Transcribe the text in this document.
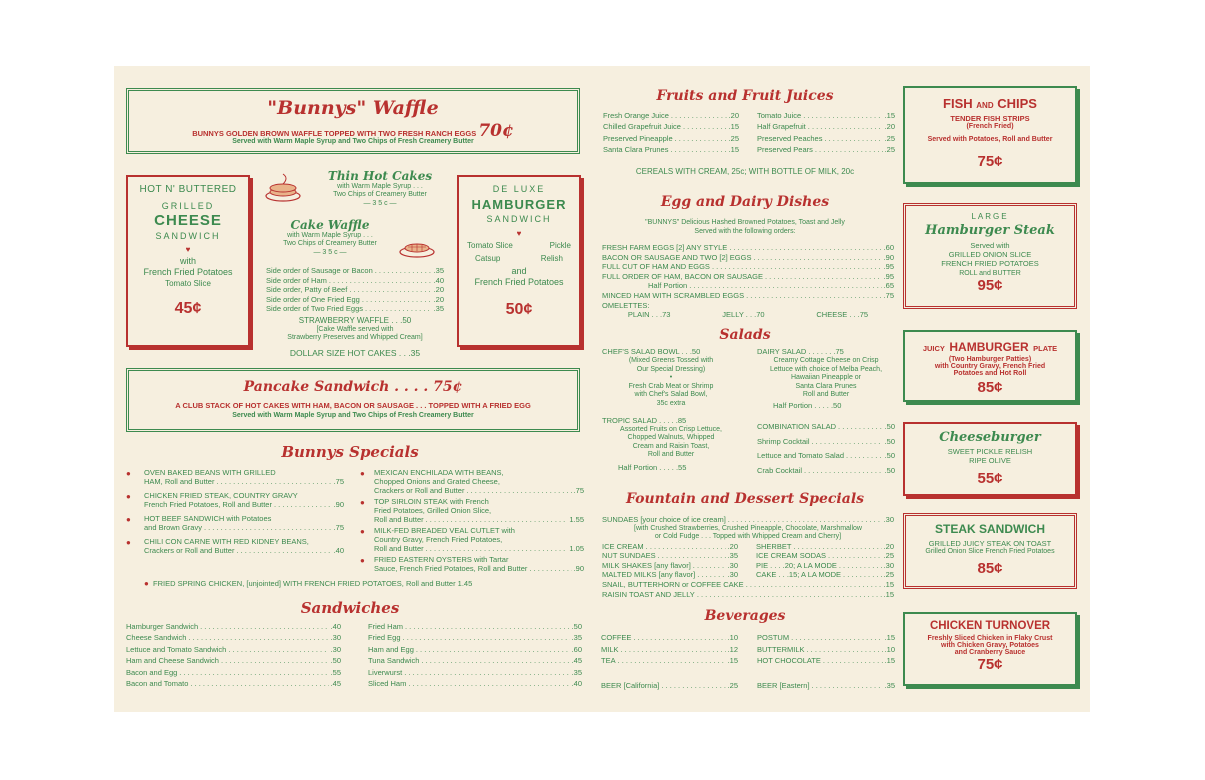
"Bunnys" Waffle
BUNNYS GOLDEN BROWN WAFFLE TOPPED WITH TWO FRESH RANCH EGGS 70¢
Served with Warm Maple Syrup and Two Chips of Fresh Creamery Butter
HOT N' BUTTERED
GRILLED
CHEESE
SANDWICH
♥
with
French Fried Potatoes
Tomato Slice
45¢
Thin Hot Cakes
with Warm Maple Syrup . . .
Two Chips of Creamery Butter
— 3 5 c —
Cake Waffle
with Warm Maple Syrup . . .
Two Chips of Creamery Butter
— 3 5 c —
Side order of Sausage or Bacon . . .	.35
Side order of Ham . . .	.40
Side order, Patty of Beef . . .	.20
Side order of One Fried Egg . . .	.20
Side order of Two Fried Eggs . . .	.35
STRAWBERRY WAFFLE . . .50
[Cake Waffle served with
Strawberry Preserves and Whipped Cream]
DOLLAR SIZE HOT CAKES . . .35
DE LUXE
HAMBURGER
SANDWICH
♥
Tomato Slice	Pickle
Catsup	Relish
and
French Fried Potatoes
50¢
Pancake Sandwich . . . . 75¢
A CLUB STACK OF HOT CAKES WITH HAM, BACON OR SAUSAGE . . . TOPPED WITH A FRIED EGG
Served with Warm Maple Syrup and Two Chips of Fresh Creamery Butter
Bunnys Specials
● OVEN BAKED BEANS WITH GRILLED
HAM, Roll and Butter . . .	.75
● CHICKEN FRIED STEAK, COUNTRY GRAVY
French Fried Potatoes, Roll and Butter . . .	.90
● HOT BEEF SANDWICH with Potatoes
and Brown Gravy . . .	.75
● CHILI CON CARNE WITH RED KIDNEY BEANS,
Crackers or Roll and Butter . . .	.40
● MEXICAN ENCHILADA WITH BEANS,
Chopped Onions and Grated Cheese,
Crackers or Roll and Butter . . .	.75
● TOP SIRLOIN STEAK with French
Fried Potatoes, Grilled Onion Slice,
Roll and Butter . . .	1.55
● MILK-FED BREADED VEAL CUTLET with
Country Gravy, French Fried Potatoes,
Roll and Butter . . .	1.05
● FRIED EASTERN OYSTERS with Tartar
Sauce, French Fried Potatoes, Roll and Butter . . .	.90
● FRIED SPRING CHICKEN, [unjointed] WITH FRENCH FRIED POTATOES, Roll and Butter 1.45
Sandwiches
Hamburger Sandwich . . .	.40
Cheese Sandwich . . .	.30
Lettuce and Tomato Sandwich . . .	.30
Ham and Cheese Sandwich . . .	.50
Bacon and Egg . . .	.55
Bacon and Tomato . . .	.45
Fried Ham . . .	.50
Fried Egg . . .	.35
Ham and Egg . . .	.60
Tuna Sandwich . . .	.45
Liverwurst . . .	.35
Sliced Ham . . .	.40
Fruits and Fruit Juices
Fresh Orange Juice . . .	.20
Chilled Grapefruit Juice . . .	.15
Preserved Pineapple . . .	.25
Santa Clara Prunes . . .	.15
Tomato Juice . . .	.15
Half Grapefruit . . .	.20
Preserved Peaches . . .	.25
Preserved Pears . . .	.25
CEREALS WITH CREAM, 25c; WITH BOTTLE OF MILK, 20c
Egg and Dairy Dishes
"BUNNYS" Delicious Hashed Browned Potatoes, Toast and Jelly
Served with the following orders:
FRESH FARM EGGS [2] ANY STYLE . . .	.60
BACON OR SAUSAGE AND TWO [2] EGGS . . .	.90
FULL CUT OF HAM AND EGGS . . .	.95
FULL ORDER OF HAM, BACON OR SAUSAGE . . .	.95
Half Portion . . .	.65
MINCED HAM WITH SCRAMBLED EGGS . . .	.75
OMELETTES:
PLAIN . . .73	JELLY . . .70	CHEESE . . .75
Salads
CHEF'S SALAD BOWL . . .50
(Mixed Greens Tossed with
Our Special Dressing)
•
Fresh Crab Meat or Shrimp
with Chef's Salad Bowl,
35c extra
TROPIC SALAD . . . . .85
Assorted Fruits on Crisp Lettuce,
Chopped Walnuts, Whipped
Cream and Raisin Toast,
Roll and Butter
Half Portion . . . . .55
DAIRY SALAD . . . . . . .75
Creamy Cottage Cheese on Crisp
Lettuce with choice of Melba Peach,
Hawaiian Pineapple or
Santa Clara Prunes
Roll and Butter
Half Portion . . . . .50
COMBINATION SALAD . . .	.50
Shrimp Cocktail . . .	.50
Lettuce and Tomato Salad . . .	.50
Crab Cocktail . . .	.50
Fountain and Dessert Specials
SUNDAES [your choice of ice cream] . . .	.30
[with Crushed Strawberries, Crushed Pineapple, Chocolate, Marshmallow
or Cold Fudge . . . Topped with Whipped Cream and Cherry]
ICE CREAM . . .	.20
NUT SUNDAES . . .	.35
MILK SHAKES [any flavor] . . .	.30
MALTED MILKS [any flavor] . . .	.30
SHERBET . . .	.20
ICE CREAM SODAS . . .	.25
PIE . . . .20; A LA MODE . . .	.30
CAKE . . .15; A LA MODE . . .	.25
SNAIL, BUTTERHORN or COFFEE CAKE . . .	.15
RAISIN TOAST AND JELLY . . .	.15
Beverages
COFFEE . . .	.10
MILK . . .	.12
TEA . . .	.15
BEER [California] . . .	.25
POSTUM . . .	.15
BUTTERMILK . . .	.10
HOT CHOCOLATE . . .	.15
BEER [Eastern] . . .	.35
FISH AND CHIPS
TENDER FISH STRIPS
(French Fried)
Served with Potatoes, Roll and Butter
75¢
LARGE
Hamburger Steak
Served with
GRILLED ONION SLICE
FRENCH FRIED POTATOES
ROLL and BUTTER
95¢
JUICY HAMBURGER PLATE
(Two Hamburger Patties)
with Country Gravy, French Fried
Potatoes and Hot Roll
85¢
Cheeseburger
SWEET PICKLE RELISH
RIPE OLIVE
55¢
STEAK SANDWICH
GRILLED JUICY STEAK ON TOAST
Grilled Onion Slice French Fried Potatoes
85¢
CHICKEN TURNOVER
Freshly Sliced Chicken in Flaky Crust
with Chicken Gravy, Potatoes
and Cranberry Sauce
75¢
